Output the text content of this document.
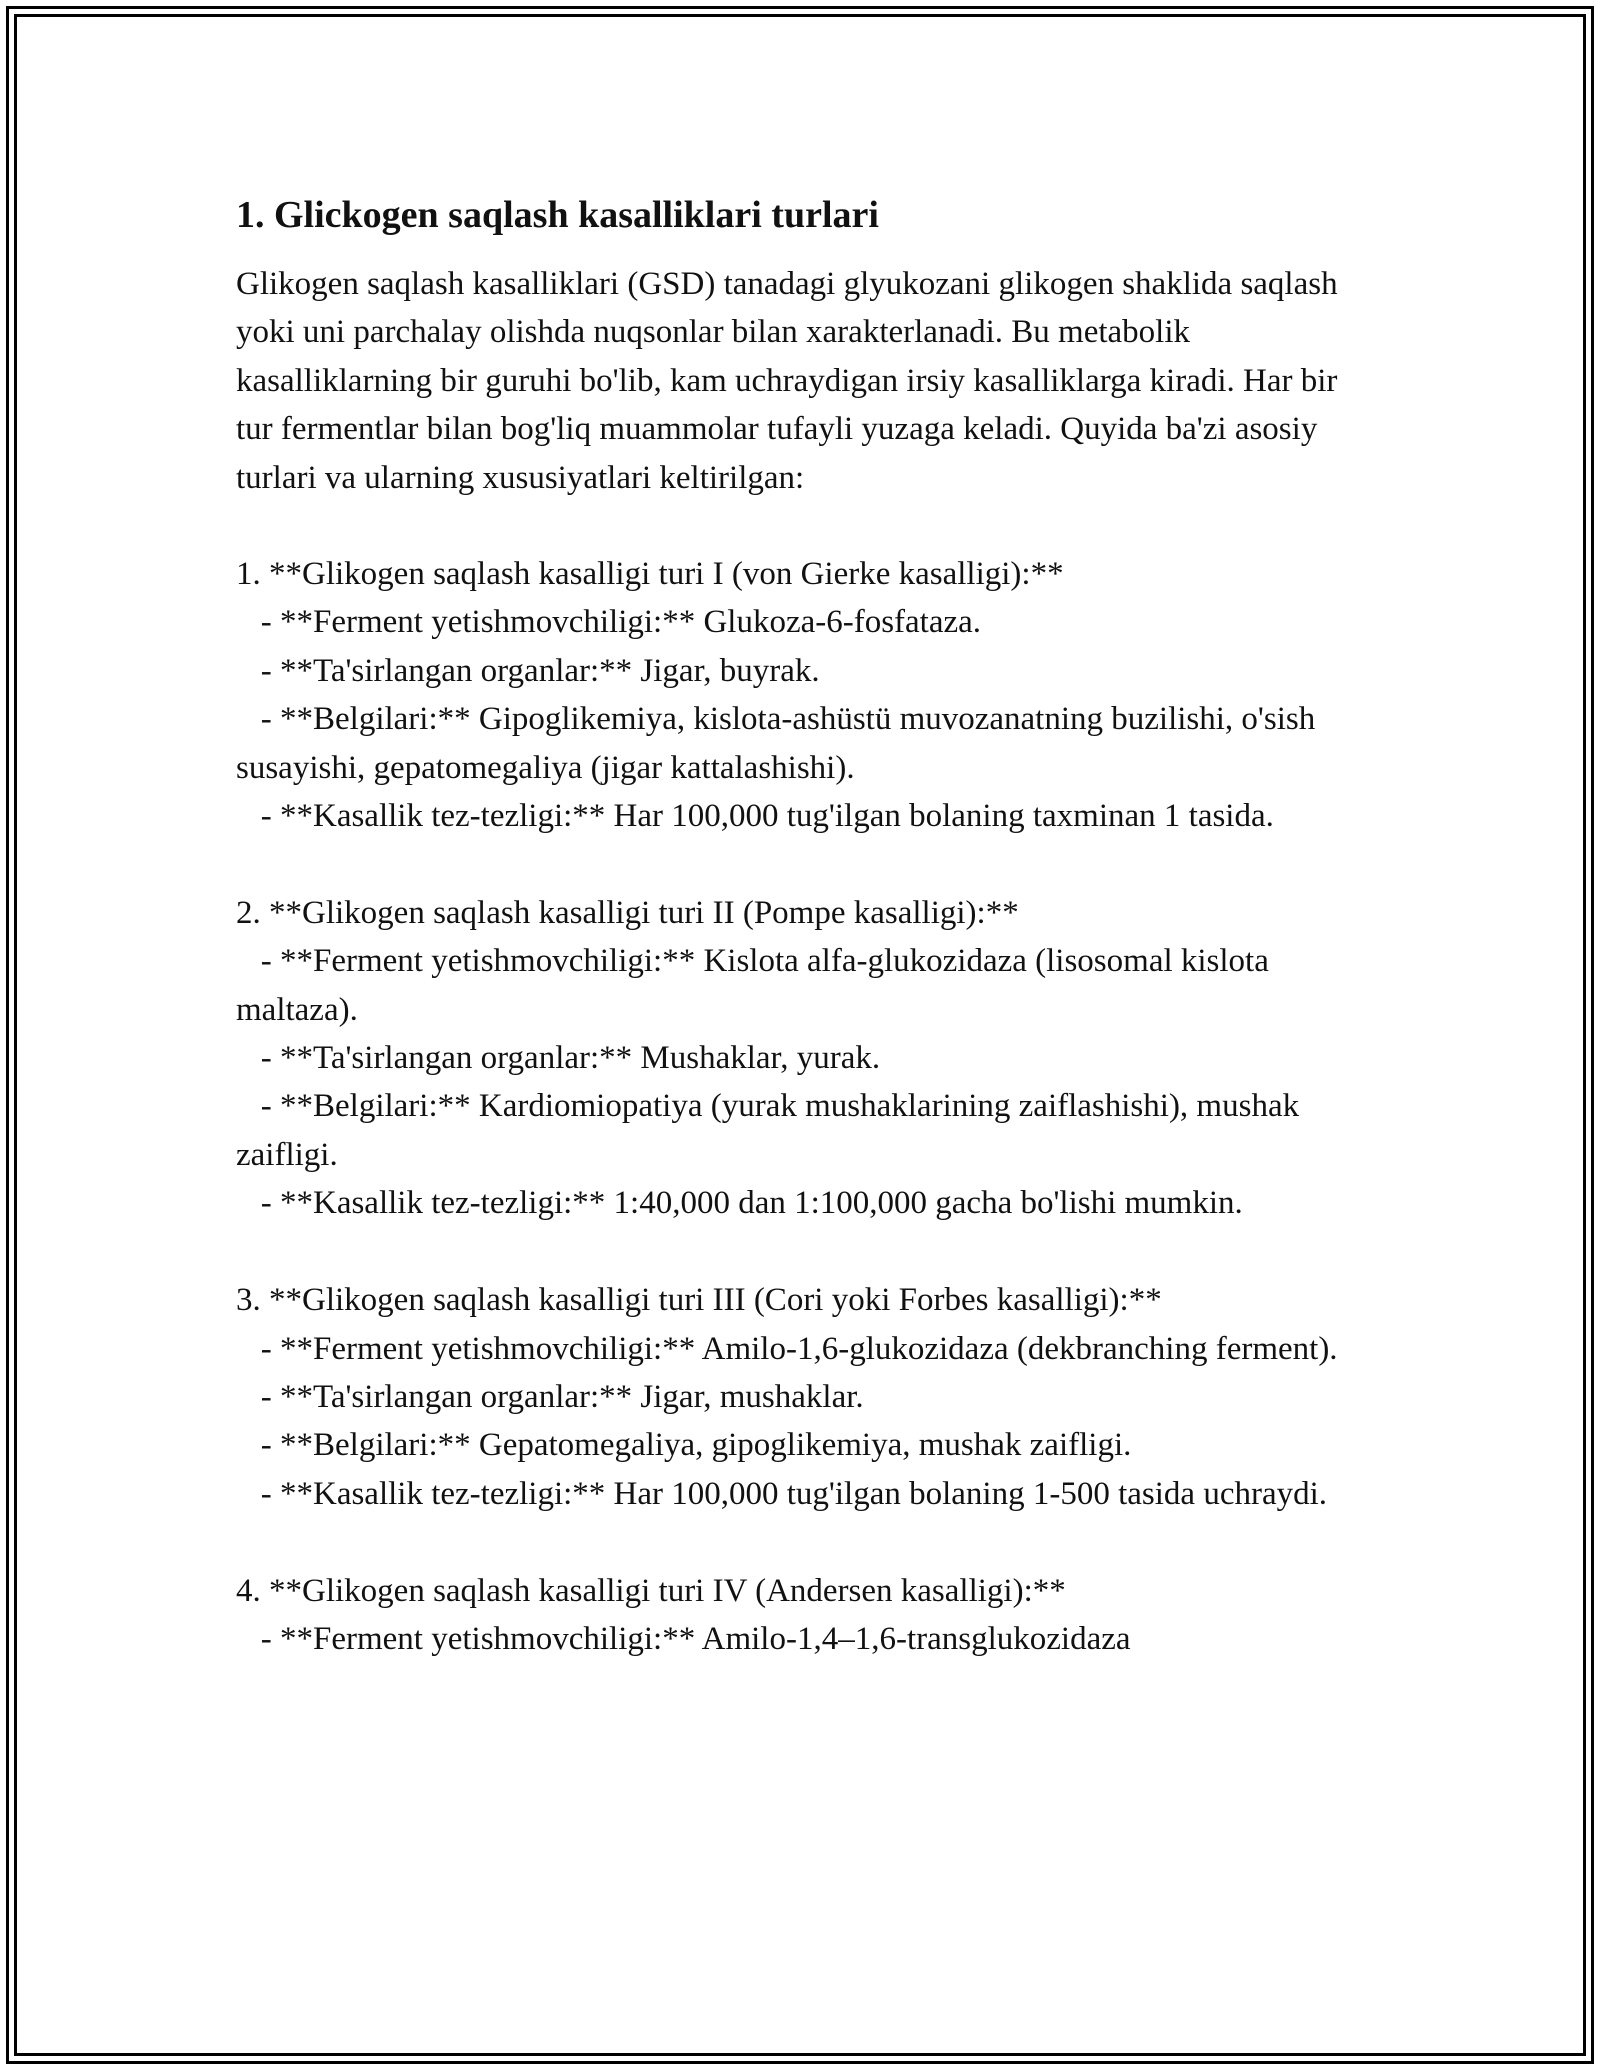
1. Glickogen saqlash kasalliklari turlari

Glikogen saqlash kasalliklari (GSD) tanadagi glyukozani glikogen shaklida saqlash yoki uni parchalay olishda nuqsonlar bilan xarakterlanadi. Bu metabolik kasalliklarning bir guruhi bo'lib, kam uchraydigan irsiy kasalliklarga kiradi. Har bir tur fermentlar bilan bog'liq muammolar tufayli yuzaga keladi. Quyida ba'zi asosiy turlari va ularning xususiyatlari keltirilgan:

1. **Glikogen saqlash kasalligi turi I (von Gierke kasalligi):**
- **Ferment yetishmovchiligi:** Glukoza-6-fosfataza.
- **Ta'sirlangan organlar:** Jigar, buyrak.
- **Belgilari:** Gipoglikemiya, kislota-ashüstü muvozanatning buzilishi, o'sish susayishi, gepatomegaliya (jigar kattalashishi).
- **Kasallik tez-tezligi:** Har 100,000 tug'ilgan bolaning taxminan 1 tasida.
2. **Glikogen saqlash kasalligi turi II (Pompe kasalligi):**
- **Ferment yetishmovchiligi:** Kislota alfa-glukozidaza (lisosomal kislota maltaza).
- **Ta'sirlangan organlar:** Mushaklar, yurak.
- **Belgilari:** Kardiomiopatiya (yurak mushaklarining zaiflashishi), mushak zaifligi.
- **Kasallik tez-tezligi:** 1:40,000 dan 1:100,000 gacha bo'lishi mumkin.
3. **Glikogen saqlash kasalligi turi III (Cori yoki Forbes kasalligi):**
- **Ferment yetishmovchiligi:** Amilo-1,6-glukozidaza (dekbranching ferment).
- **Ta'sirlangan organlar:** Jigar, mushaklar.
- **Belgilari:** Gepatomegaliya, gipoglikemiya, mushak zaifligi.
- **Kasallik tez-tezligi:** Har 100,000 tug'ilgan bolaning 1-500 tasida uchraydi.
4. **Glikogen saqlash kasalligi turi IV (Andersen kasalligi):**
- **Ferment yetishmovchiligi:** Amilo-1,4–1,6-transglukozidaza
